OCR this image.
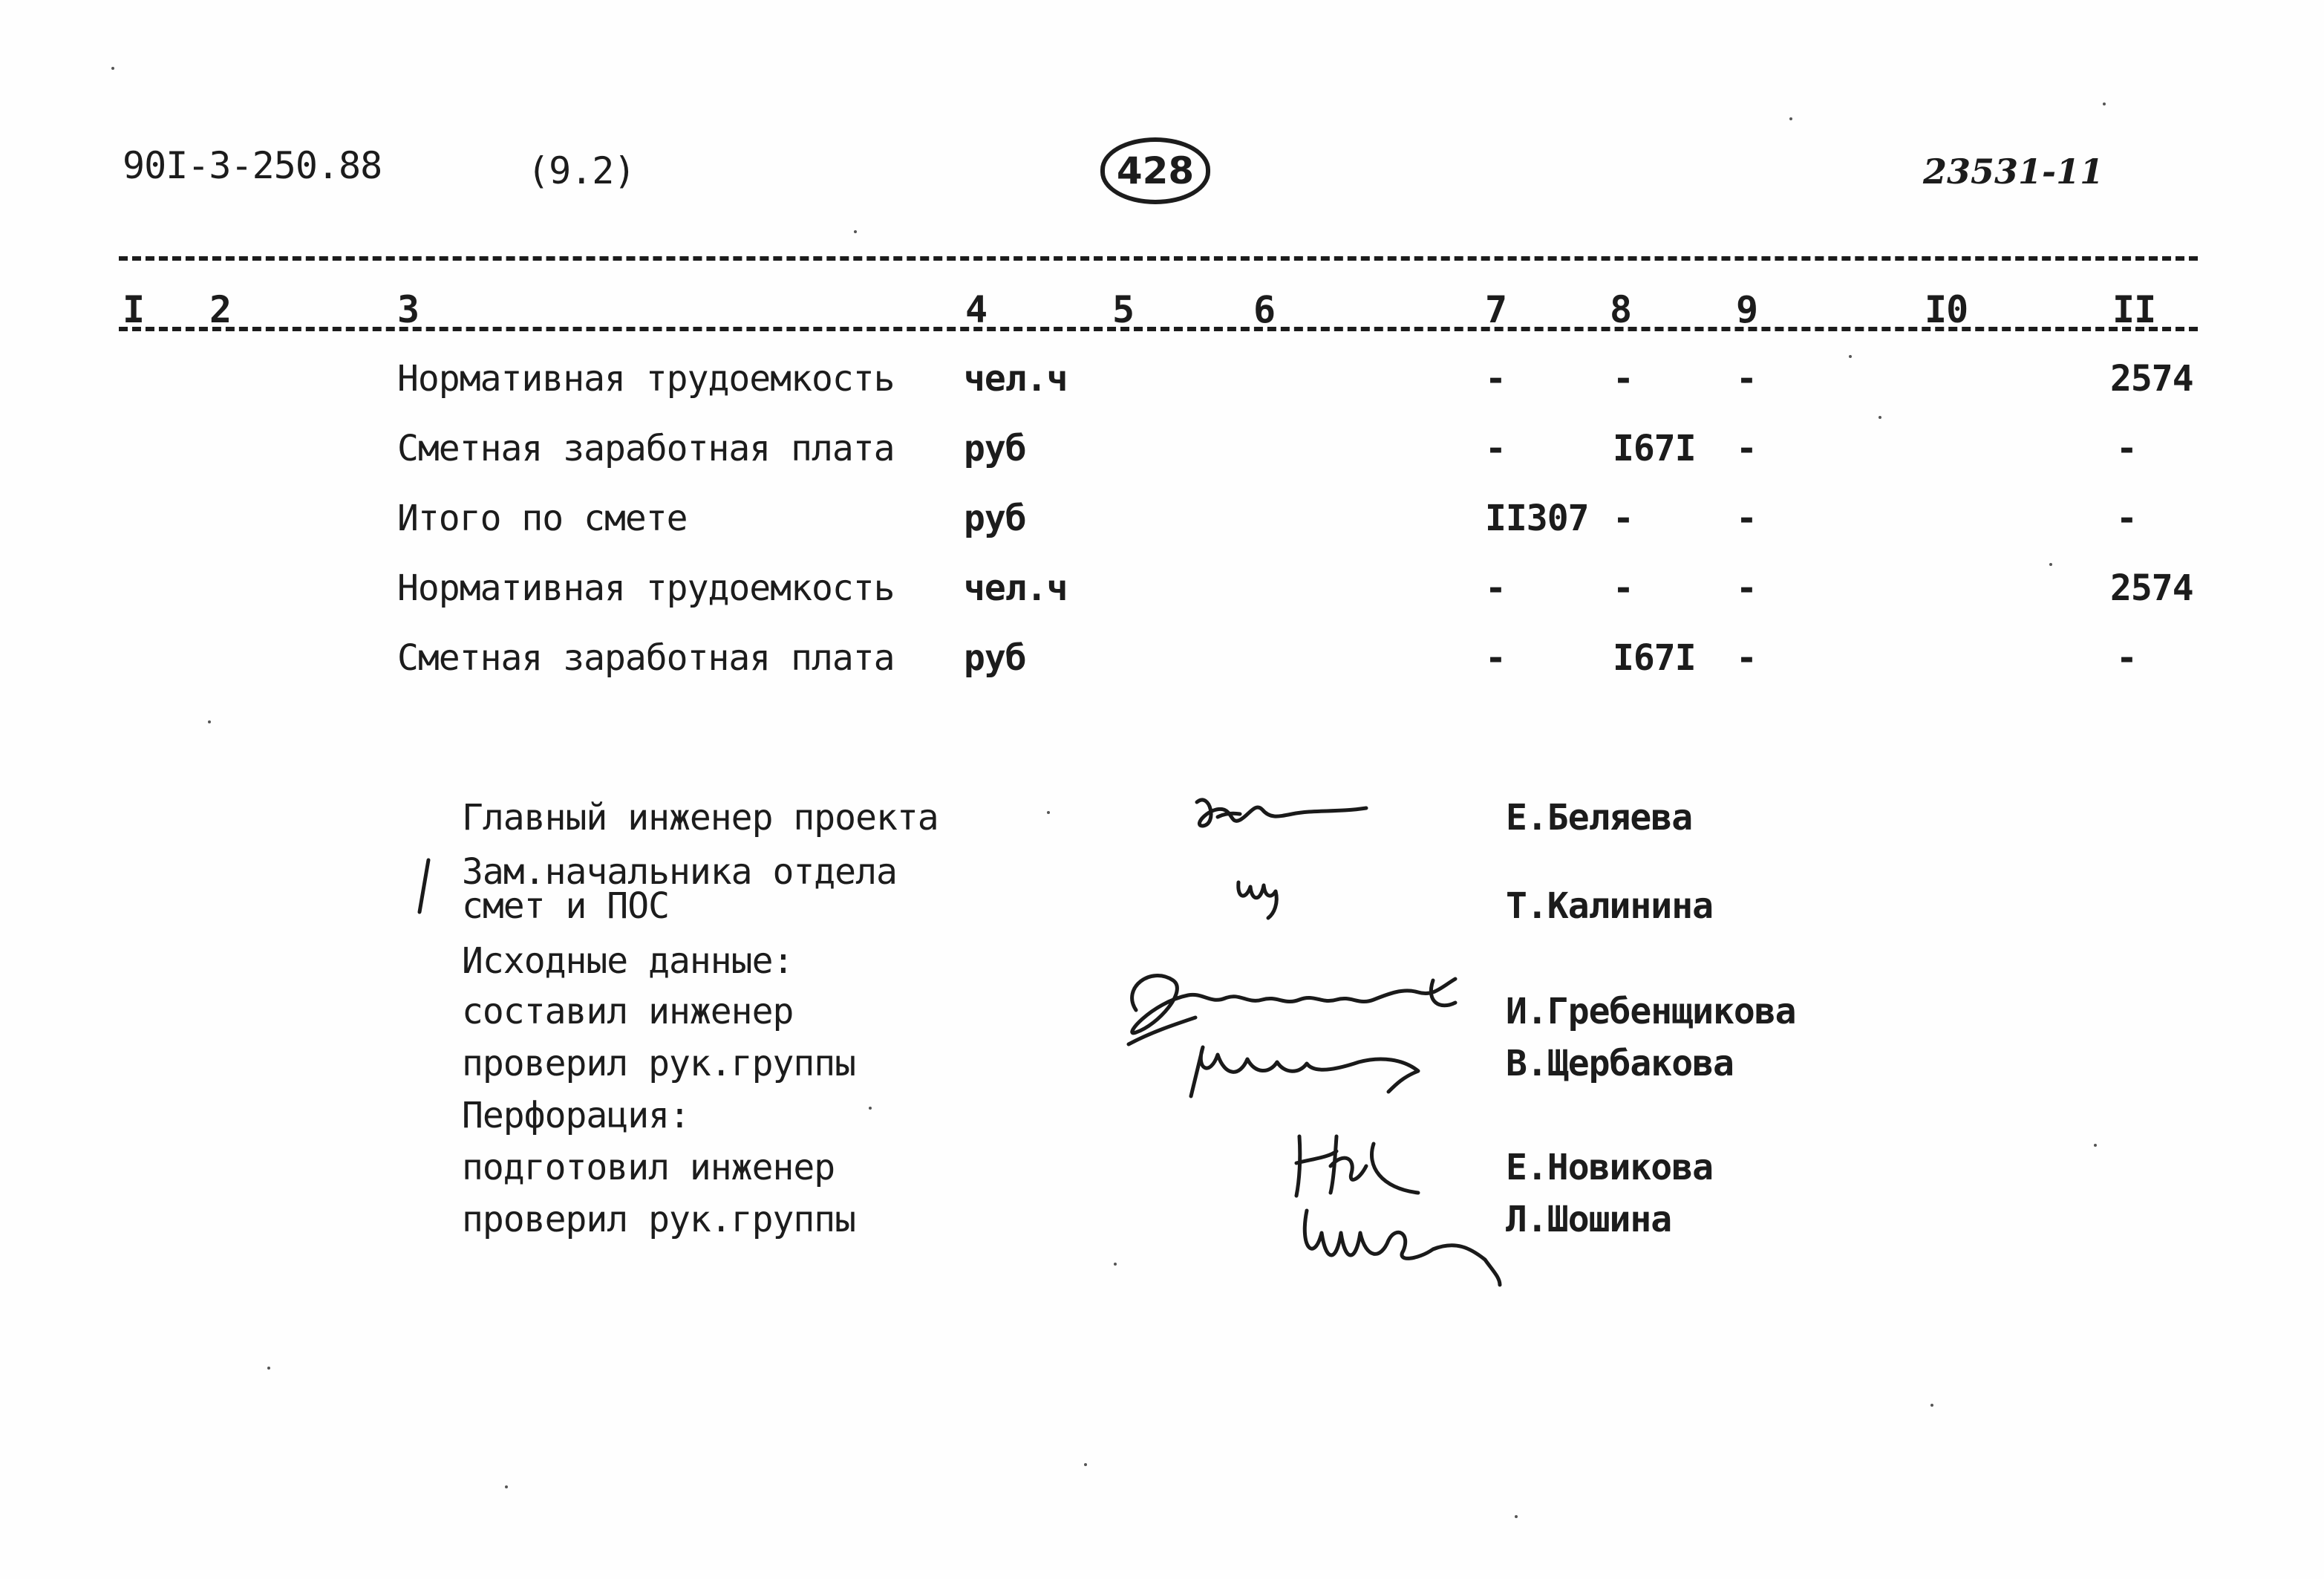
90I-3-250.88	(9.2)	428	23531-11
I 2	3	4	5	6	7	8	9	I0	II
Нормативная трудоемкость чел.ч	-	-	-	2574
Сметная заработная плата руб	-	I67I -	-
Итого по смете	руб	II307 -	-	-
Нормативная трудоемкость чел.ч	-	-	-	2574
Сметная заработная плата руб	-	I67I -	-
Главный инженер проекта	Е.Беляева
Зам.начальника отдела
смет и ПОС	Т.Калинина
Исходные данные:
составил инженер	И.Гребенщикова
проверил рук.группы	В.Щербакова
Перфорация:
подготовил инженер	Е.Новикова
проверил рук.группы	Л.Шошина
